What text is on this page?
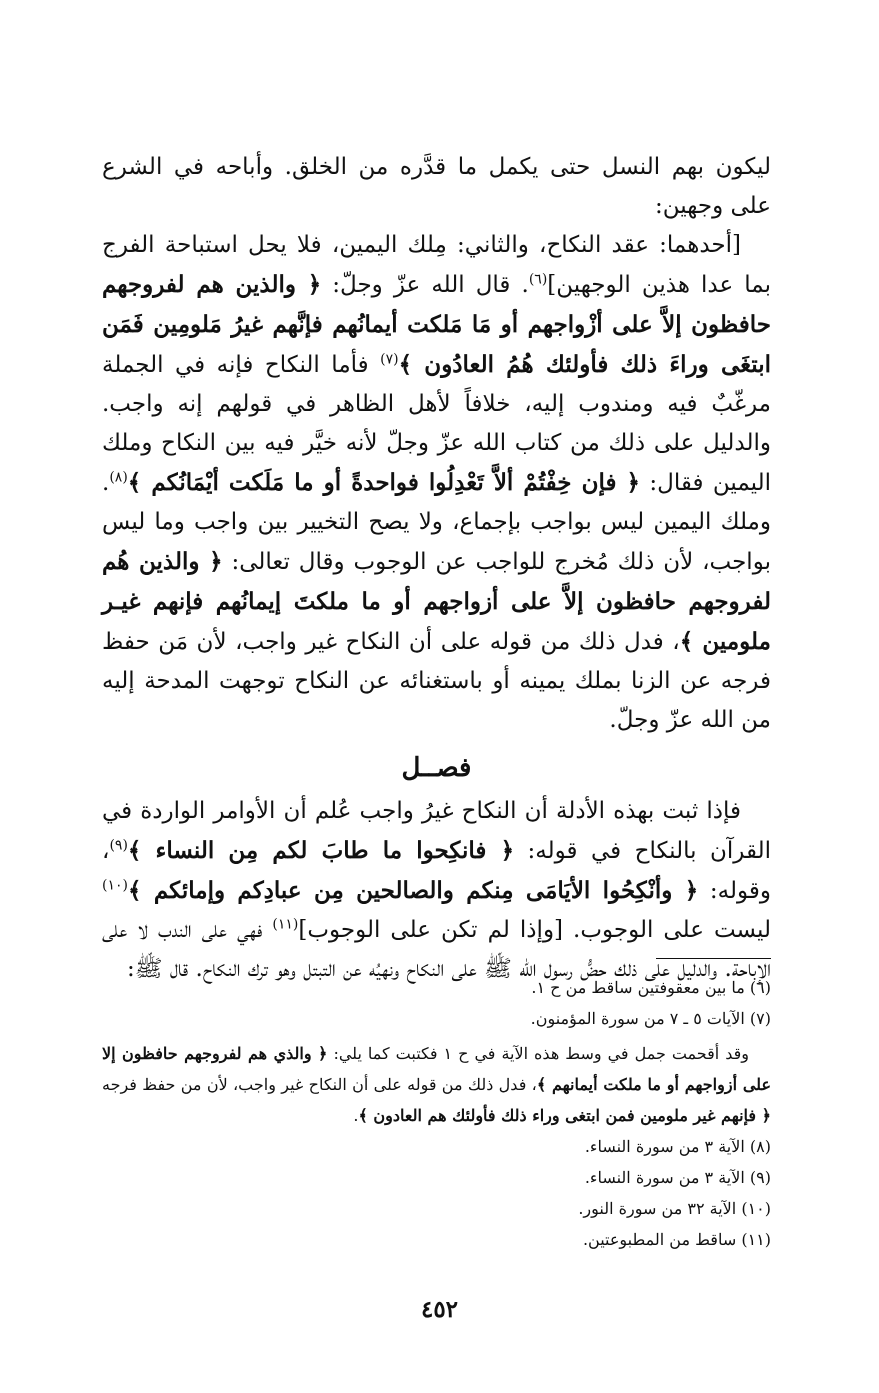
ليكون بهم النسل حتى يكمل ما قدَّره من الخلق. وأباحه في الشرع على وجهين:

[أحدهما: عقد النكاح، والثاني: مِلك اليمين، فلا يحل استباحة الفرج بما عدا هذين الوجهين]$^{(٦)}$. قال الله عزّ وجلّ: ﴿ والذين هم لفروجهم حافظون إلاَّ على أزْواجهم أو مَا مَلكت أيمانُهم فإنَّهم غيرُ مَلومِين فَمَن ابتغَى وراءَ ذلك فأولئك هُمُ العادُون ﴾$^{(٧)}$ فأما النكاح فإنه في الجملة مرغّبٌ فيه ومندوب إليه، خلافاً لأهل الظاهر في قولهم إنه واجب. والدليل على ذلك من كتاب الله عزّ وجلّ لأنه خيَّر فيه بين النكاح وملك اليمين فقال: ﴿ فإن خِفْتُمْ ألاَّ تَعْدِلُوا فواحدةً أو ما مَلَكت أيْمَانُكم ﴾$^{(٨)}$. وملك اليمين ليس بواجب بإجماع، ولا يصح التخيير بين واجب وما ليس بواجب، لأن ذلك مُخرج للواجب عن الوجوب وقال تعالى: ﴿ والذين هُم لفروجهم حافظون إلاَّ على أزواجهم أو ما ملكتَ إيمانُهم فإنهم غيـر ملومين ﴾، فدل ذلك من قوله على أن النكاح غير واجب، لأن مَن حفظ فرجه عن الزنا بملك يمينه أو باستغنائه عن النكاح توجهت المدحة إليه من الله عزّ وجلّ.

فصــل

فإذا ثبت بهذه الأدلة أن النكاح غيرُ واجب عُلم أن الأوامر الواردة في القرآن بالنكاح في قوله: ﴿ فانكِحوا ما طابَ لكم مِن النساء ﴾$^{(٩)}$، وقوله: ﴿ وأنْكِحُوا الأيَامَى مِنكم والصالحين مِن عبادِكم وإمائكم ﴾$^{(١٠)}$ ليست على الوجوب. [وإذا لم تكن على الوجوب]$^{(١١)}$ فهي على الندب لا على الإباحة. والدليل على ذلك حضُّ رسول الله ﷺ على النكاح ونهيُه عن التبتل وهو ترك النكاح. قال ﷺ:

(٦) ما بين معقوفتين ساقط من ح ١.

(٧) الآيات ٥ ـ ٧ من سورة المؤمنون.

وقد أقحمت جمل في وسط هذه الآية في ح ١ فكتبت كما يلي: ﴿ والذي هم لفروجهم حافظون إلا على أزواجهم أو ما ملكت أيمانهم ﴾، فدل ذلك من قوله على أن النكاح غير واجب، لأن من حفظ فرجه ﴿ فإنهم غير ملومين فمن ابتغى وراء ذلك فأولئك هم العادون ﴾.

(٨) الآية ٣ من سورة النساء.

(٩) الآية ٣ من سورة النساء.

(١٠) الآية ٣٢ من سورة النور.

(١١) ساقط من المطبوعتين.

٤٥٢
